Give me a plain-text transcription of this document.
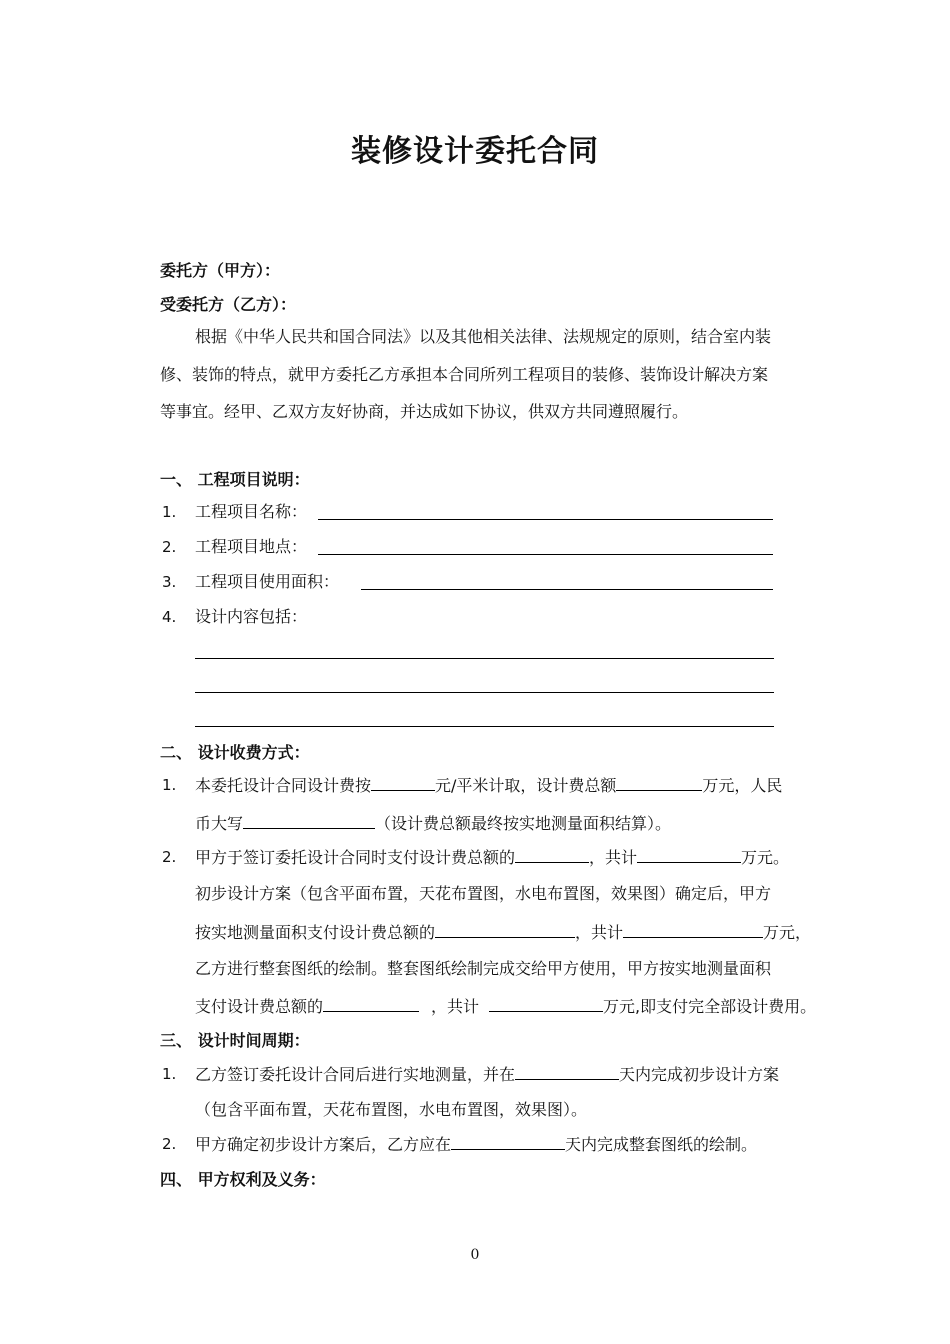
装修设计委托合同
委托方（甲方）：
受委托方（乙方）：
根据《中华人民共和国合同法》以及其他相关法律、法规规定的原则，结合室内装
修、装饰的特点，就甲方委托乙方承担本合同所列工程项目的装修、装饰设计解决方案
等事宜。经甲、乙双方友好协商，并达成如下协议，供双方共同遵照履行。
一、 工程项目说明：
1. 工程项目名称：
2. 工程项目地点：
3. 工程项目使用面积：
4. 设计内容包括：
二、 设计收费方式：
1. 本委托设计合同设计费按	元/平米计取，设计费总额	万元，人民
币大写	（设计费总额最终按实地测量面积结算）。
2. 甲方于签订委托设计合同时支付设计费总额的	，共计	万元。
初步设计方案（包含平面布置，天花布置图，水电布置图，效果图）确定后，甲方
按实地测量面积支付设计费总额的	，共计	万元，
乙方进行整套图纸的绘制。整套图纸绘制完成交给甲方使用，甲方按实地测量面积
支付设计费总额的	，共计	万元,即支付完全部设计费用。
三、 设计时间周期：
1. 乙方签订委托设计合同后进行实地测量，并在	天内完成初步设计方案
（包含平面布置，天花布置图，水电布置图，效果图）。
2. 甲方确定初步设计方案后，乙方应在	天内完成整套图纸的绘制。
四、 甲方权利及义务：
0
